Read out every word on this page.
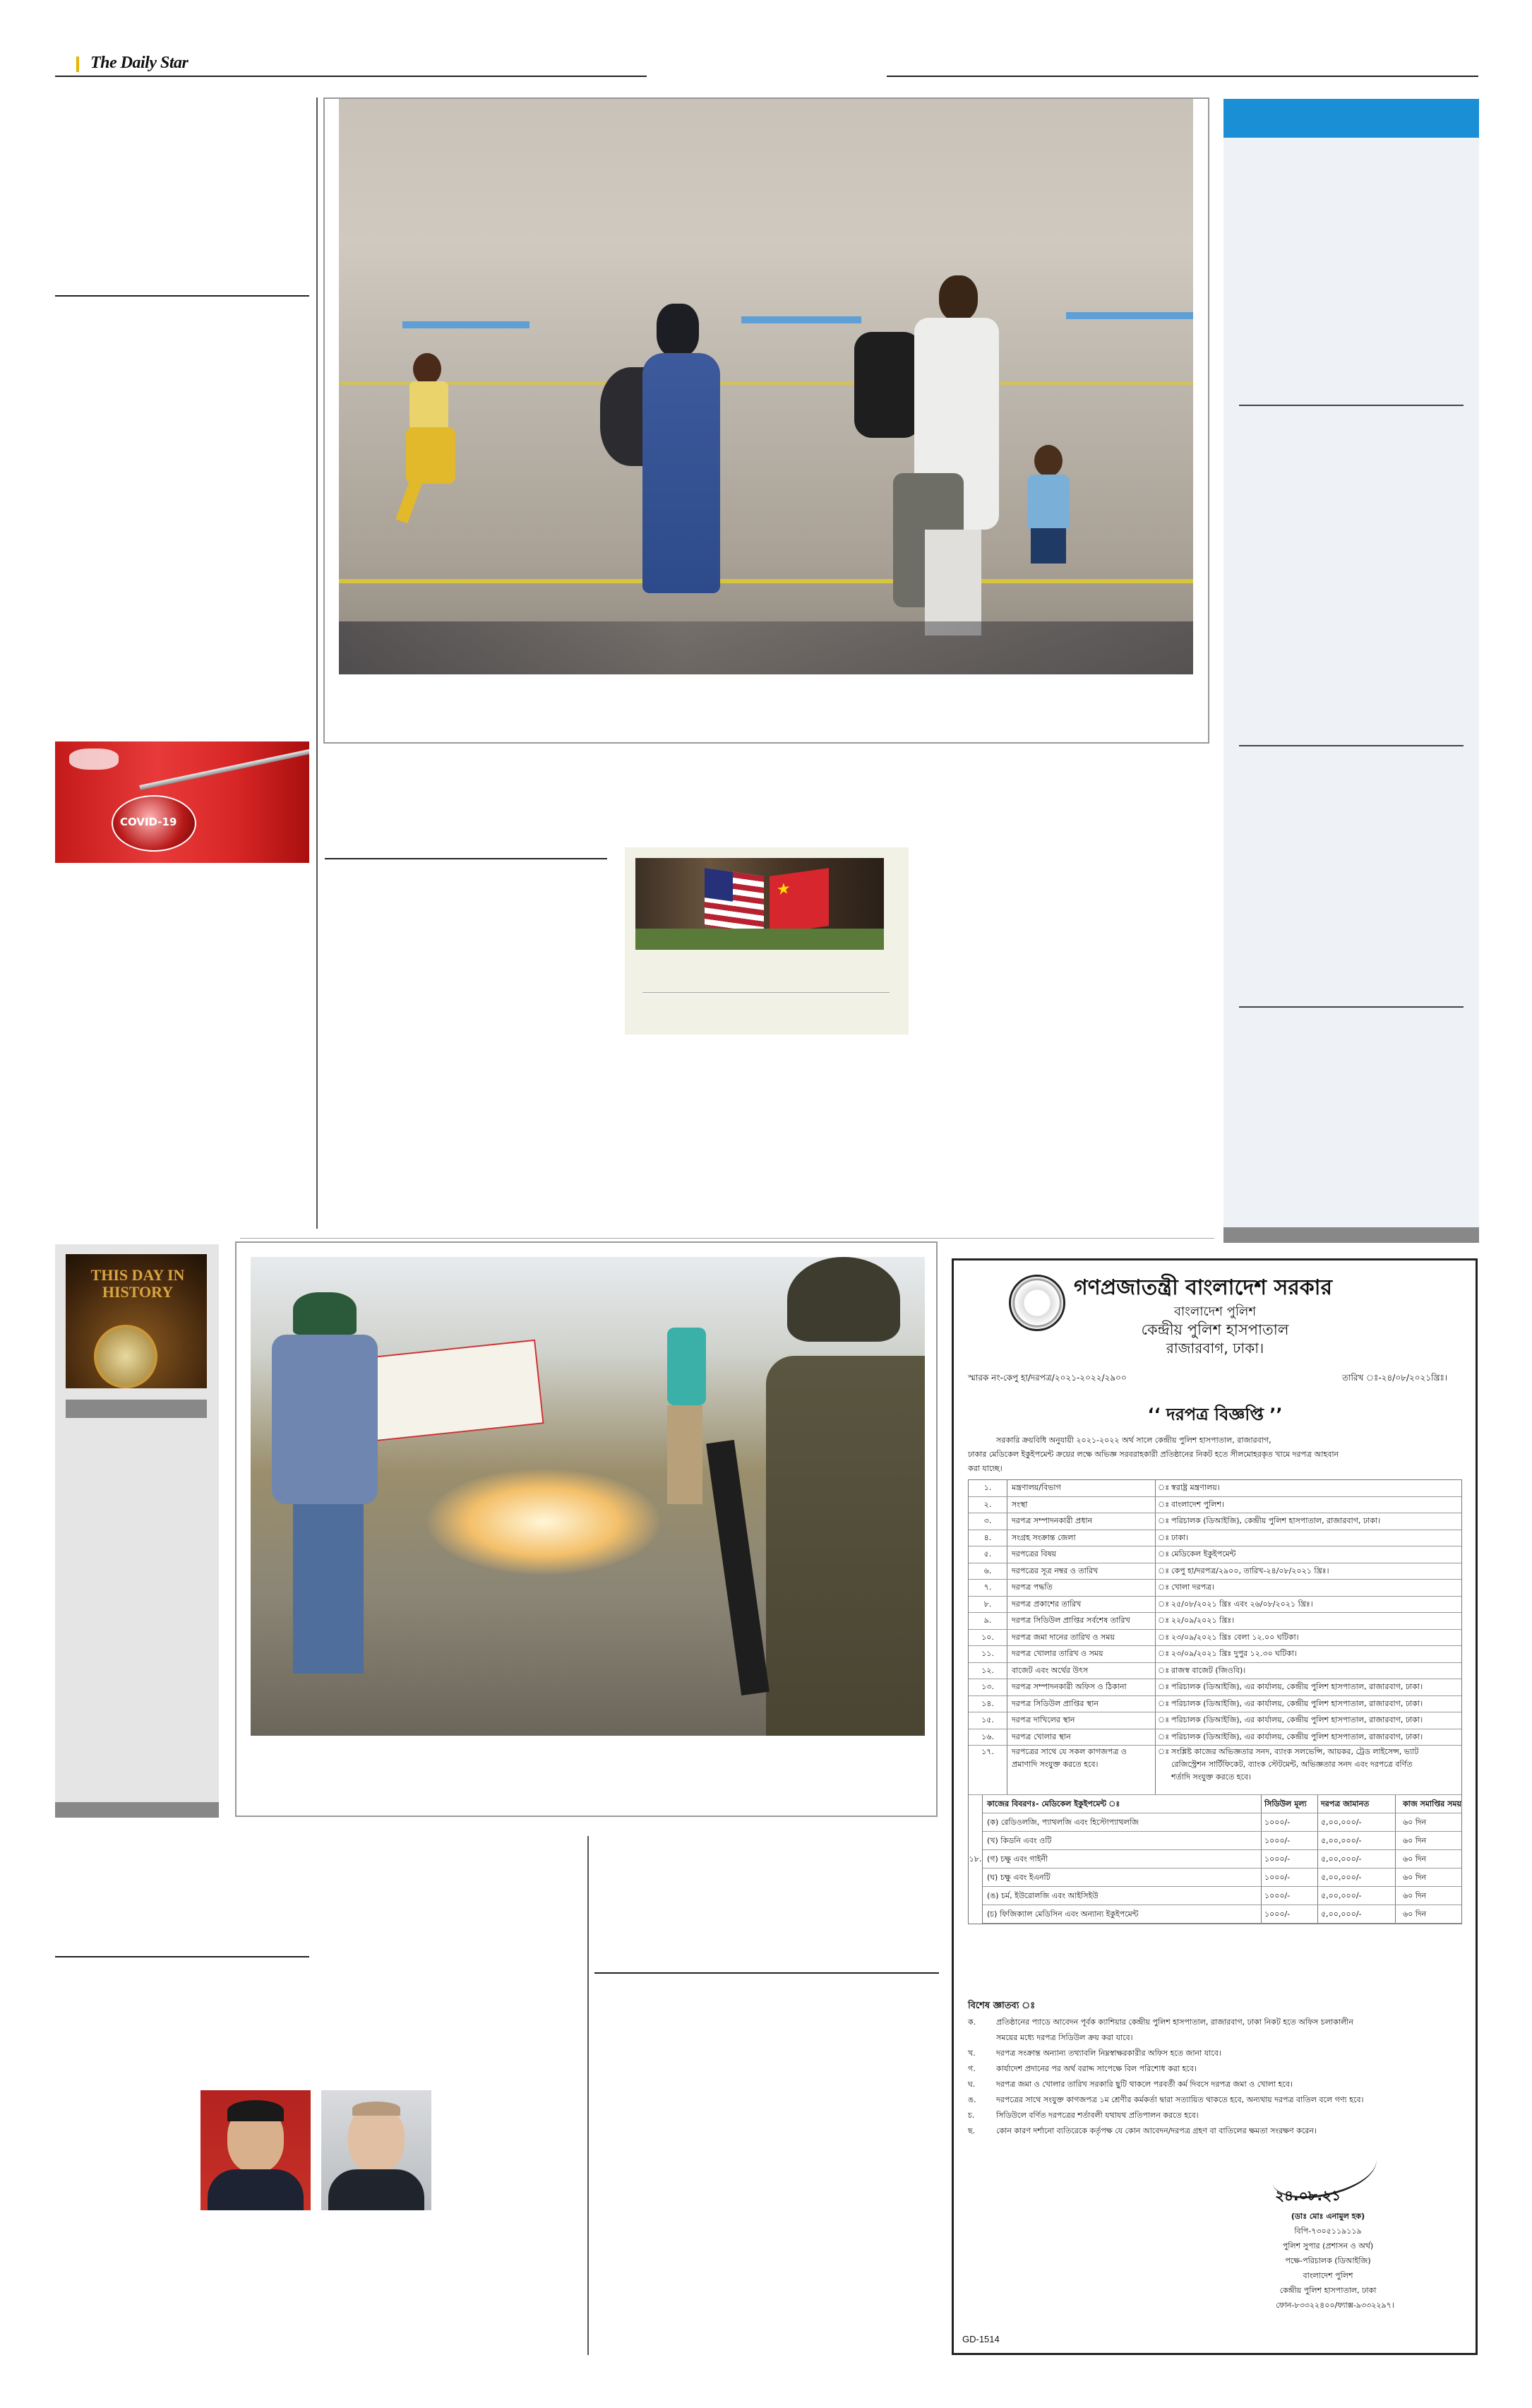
The Daily Star
COVID-19
★
THIS DAY IN HISTORY	গণপ্রজাতন্ত্রী বাংলাদেশ সরকার
বাংলাদেশ পুলিশ
কেন্দ্রীয় পুলিশ হাসপাতাল
রাজারবাগ, ঢাকা।
স্মারক নং-কেপু হা/দরপত্র/২০২১-২০২২/২৯০০	তারিখ ঃ-২৪/০৮/২০২১খ্রিঃ।
‘‘ দরপত্র বিজ্ঞপ্তি ’’
সরকারি ক্রয়বিধি অনুযায়ী ২০২১-২০২২ অর্থ সালে কেন্দ্রীয় পুলিশ হাসপাতাল, রাজারবাগ,
ঢাকার মেডিকেল ইকুইপমেন্ট ক্রয়ের লক্ষে অভিজ্ঞ সরবরাহকারী প্রতিষ্ঠানের নিকট হতে সীলমোহরকৃত খামে দরপত্র আহবান
করা যাচ্ছে।
১.	মন্ত্রণালয়/বিভাগ	ঃ স্বরাষ্ট্র মন্ত্রণালয়।
২.	সংস্থা	ঃ বাংলাদেশ পুলিশ।
৩.	দরপত্র সম্পাদনকারী প্রধান	ঃ পরিচালক (ডিআইজি), কেন্দ্রীয় পুলিশ হাসপাতাল, রাজারবাগ, ঢাকা।
৪.	সংগ্রহ সংক্রান্ত জেলা	ঃ ঢাকা।
৫.	দরপত্রের বিষয়	ঃ মেডিকেল ইকুইপমেন্ট
৬.	দরপত্রের সূত্র নম্বর ও তারিখ	ঃ কেপু হা/দরপত্র/২৯০০, তারিখ-২৪/০৮/২০২১ খ্রিঃ।
৭.	দরপত্র পদ্ধতি	ঃ খোলা দরপত্র।
৮.	দরপত্র প্রকাশের তারিখ	ঃ ২৫/০৮/২০২১ খ্রিঃ এবং ২৬/০৮/২০২১ খ্রিঃ।
৯.	দরপত্র সিডিউল প্রাপ্তির সর্বশেষ তারিখ	ঃ ২২/০৯/২০২১ খ্রিঃ।
১০.	দরপত্র জমা দানের তারিখ ও সময়	ঃ ২৩/০৯/২০২১ খ্রিঃ বেলা ১২.০০ ঘটিকা।
১১.	দরপত্র খোলার তারিখ ও সময়	ঃ ২৩/০৯/২০২১ খ্রিঃ দুপুর ১২.৩০ ঘটিকা।
১২.	বাজেট এবং অর্থের উৎস	ঃ রাজস্ব বাজেট (জিওবি)।
১৩.	দরপত্র সম্পাদনকারী অফিস ও ঠিকানা	ঃ পরিচালক (ডিআইজি), এর কার্যালয়, কেন্দ্রীয় পুলিশ হাসপাতাল, রাজারবাগ, ঢাকা।
১৪.	দরপত্র সিডিউল প্রাপ্তির স্থান	ঃ পরিচালক (ডিআইজি), এর কার্যালয়, কেন্দ্রীয় পুলিশ হাসপাতাল, রাজারবাগ, ঢাকা।
১৫.	দরপত্র দাখিলের স্থান	ঃ পরিচালক (ডিআইজি), এর কার্যালয়, কেন্দ্রীয় পুলিশ হাসপাতাল, রাজারবাগ, ঢাকা।
১৬.	দরপত্র খোলার স্থান	ঃ পরিচালক (ডিআইজি), এর কার্যালয়, কেন্দ্রীয় পুলিশ হাসপাতাল, রাজারবাগ, ঢাকা।
১৭.	দরপত্রের সাথে যে সকল কাগজপত্র ও
প্রমাণাদি সংযুক্ত করতে হবে।
ঃ সংশ্লিষ্ট কাজের অভিজ্ঞতার সনদ, ব্যাংক সলভেন্সি, আয়কর, ট্রেড লাইসেন্স, ভ্যাট
রেজিস্ট্রেশন সার্টিফিকেট, ব্যাংক স্টেটমেন্ট, অভিজ্ঞতার সনদ এবং দরপত্রে বর্ণিত
শর্তাদি সংযুক্ত করতে হবে।
১৮.
কাজের বিবরণঃ- মেডিকেল ইকুইপমেন্ট ঃ	সিডিউল মূল্য	দরপত্র জামানত	কাজ সমাপ্তির সময়
(ক) রেডিওলজি, প্যাথলজি এবং হিস্টোপ্যাথলজি	১০০০/-	৫,০০,০০০/-	৬০ দিন
(খ) কিডনি এবং ওটি	১০০০/-	৫,০০,০০০/-	৬০ দিন
(গ) চক্ষু এবং গাইনী	১০০০/-	৫,০০,০০০/-	৬০ দিন
(ঘ) চক্ষু এবং ইএনটি	১০০০/-	৫,০০,০০০/-	৬০ দিন
(ঙ) চর্ম, ইউরোলজি এবং আইসিইউ	১০০০/-	৫,০০,০০০/-	৬০ দিন
(চ) ফিজিক্যাল মেডিসিন এবং অন্যান্য ইকুইপমেন্ট	১০০০/-	৫,০০,০০০/-	৬০ দিন
বিশেষ জ্ঞাতব্য ঃ
ক.	প্রতিষ্ঠানের প্যাডে আবেদন পূর্বক ক্যাশিয়ার কেন্দ্রীয় পুলিশ হাসপাতাল, রাজারবাগ, ঢাকা নিকট হতে অফিস চলাকালীন
সময়ের মধ্যে দরপত্র সিডিউল ক্রয় করা যাবে।
খ.	দরপত্র সংক্রান্ত অন্যান্য তথ্যাবলি নিম্নস্বাক্ষরকারীর অফিস হতে জানা যাবে।
গ.	কার্যাদেশ প্রদানের পর অর্থ বরাদ্দ সাপেক্ষে বিল পরিশোধ করা হবে।
ঘ.	দরপত্র জমা ও খোলার তারিখ সরকারি ছুটি থাকলে পরবর্তী কর্ম দিবসে দরপত্র জমা ও খোলা হবে।
ঙ.	দরপত্রের সাথে সংযুক্ত কাগজপত্র ১ম শ্রেণীর কর্মকর্তা দ্বারা সত্যায়িত থাকতে হবে, অন্যথায় দরপত্র বাতিল বলে গণ্য হবে।
চ.	সিডিউলে বর্ণিত দরপত্রের শর্তাবলী যথাযথ প্রতিপালন করতে হবে।
ছ.	কোন কারণ দর্শানো ব্যতিরেকে কর্তৃপক্ষ যে কোন আবেদন/দরপত্র গ্রহণ বা বাতিলের ক্ষমতা সংরক্ষণ করেন।
২৪.০৮.২১
(ডাঃ মোঃ এনামুল হক)
বিপি-৭৩০৫১১৯১১৯
পুলিশ সুপার (প্রশাসন ও অর্থ)
পক্ষে-পরিচালক (ডিআইজি)
বাংলাদেশ পুলিশ
কেন্দ্রীয় পুলিশ হাসপাতাল, ঢাকা
ফোন-৮৩৩২২৪০০/ফ্যাক্স-৯৩৩২২৯৭।
GD-1514
